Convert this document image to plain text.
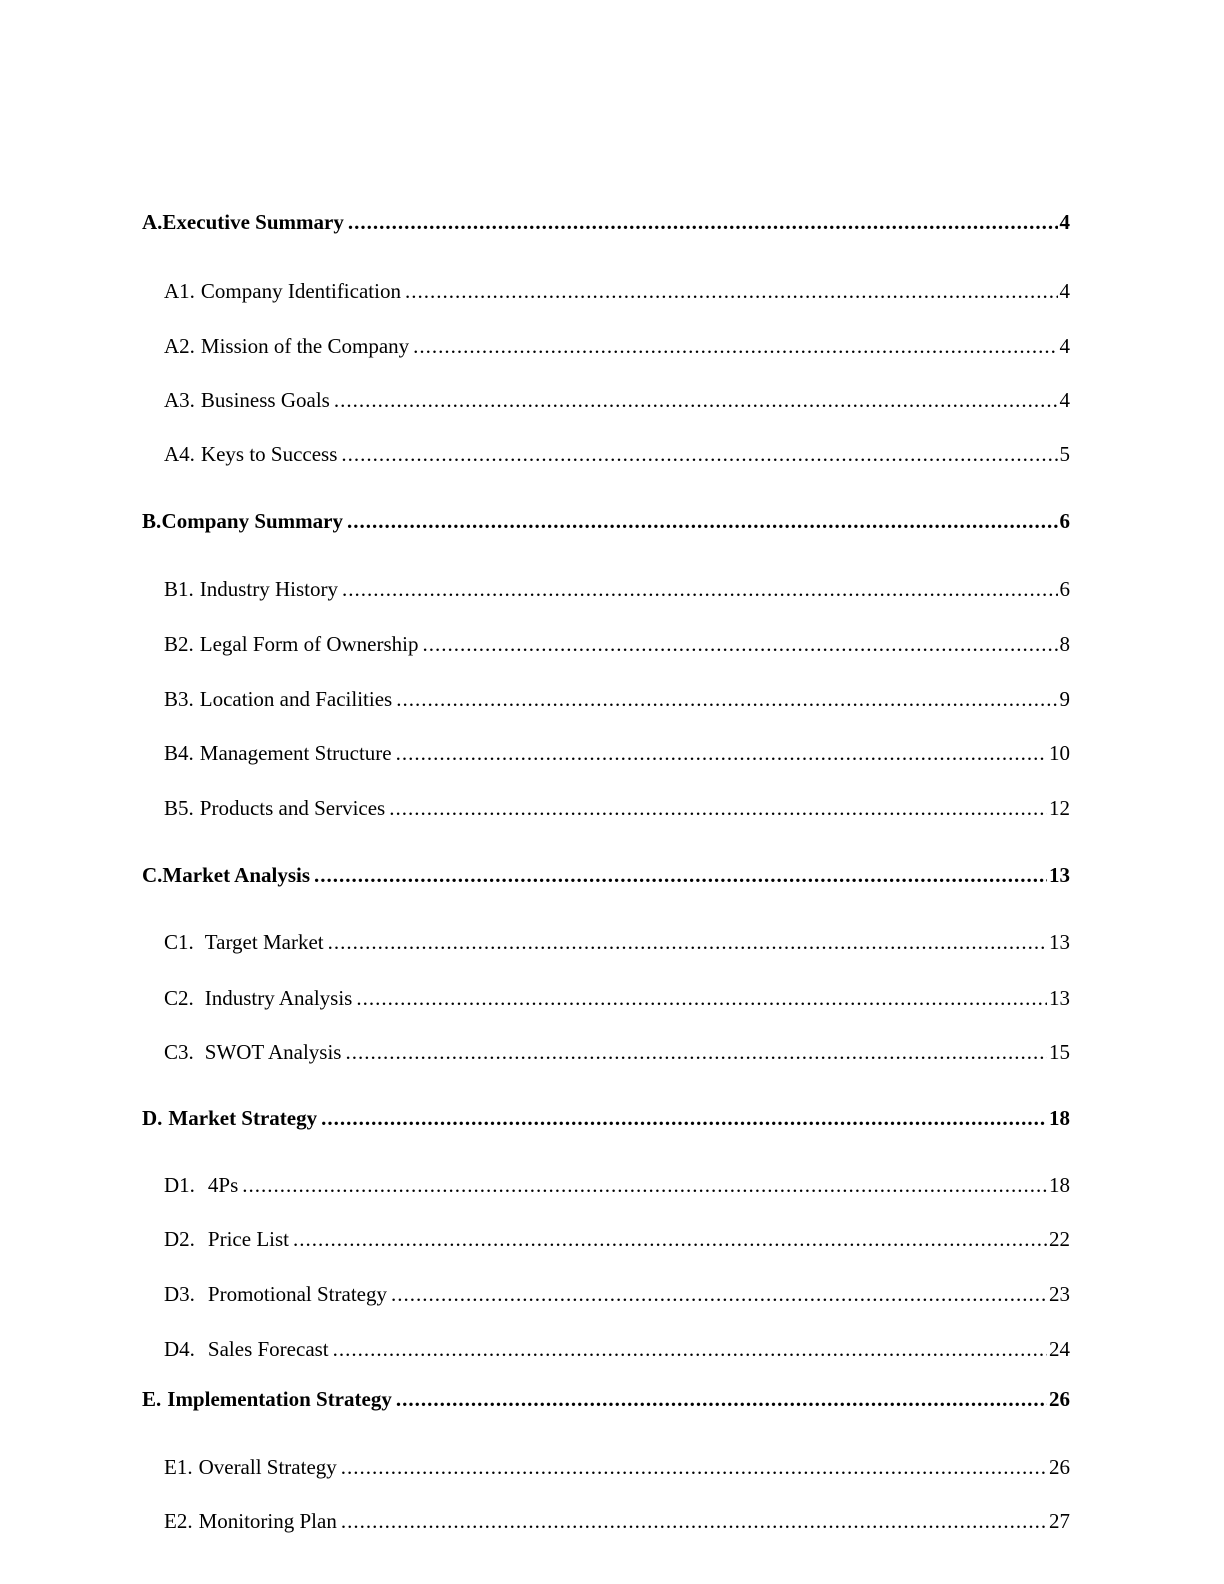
A. Executive Summary .....	4
A1. Company Identification .....	4
A2. Mission of the Company .....	4
A3. Business Goals .....	4
A4. Keys to Success .....	5
B. Company Summary .....	6
B1. Industry History .....	6
B2. Legal Form of Ownership .....	8
B3. Location and Facilities .....	9
B4. Management Structure .....	10
B5. Products and Services .....	12
C. Market Analysis .....	13
C1. Target Market .....	13
C2. Industry Analysis .....	13
C3. SWOT Analysis .....	15
D. Market Strategy .....	18
D1. 4Ps .....	18
D2. Price List .....	22
D3. Promotional Strategy .....	23
D4. Sales Forecast .....	24
E. Implementation Strategy .....	26
E1. Overall Strategy .....	26
E2. Monitoring Plan .....	27
